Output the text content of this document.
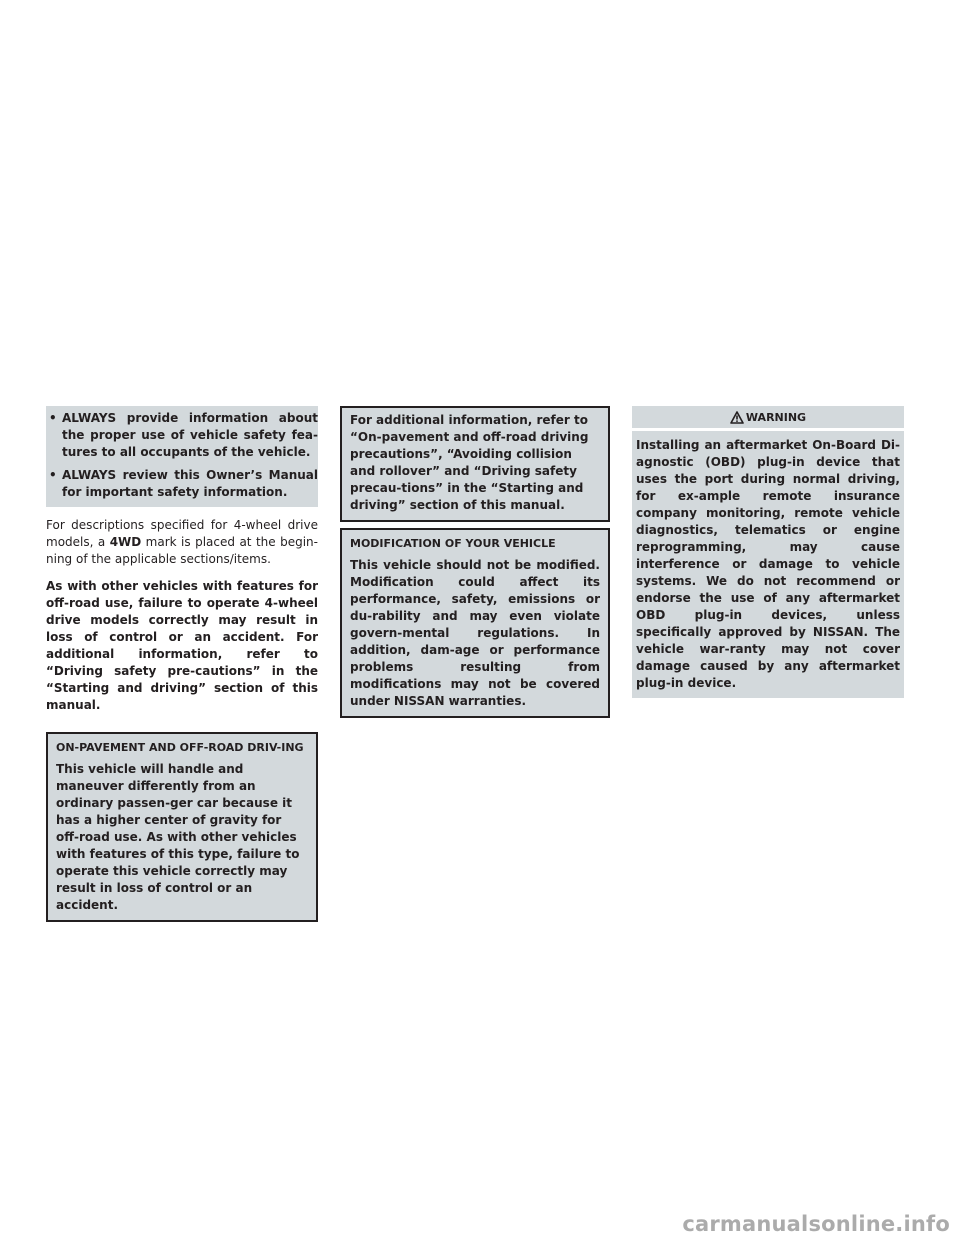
• ALWAYS provide information about the proper use of vehicle safety fea-tures to all occupants of the vehicle.
• ALWAYS review this Owner’s Manual for important safety information.

For descriptions specified for 4-wheel drive models, a 4WD mark is placed at the begin-ning of the applicable sections/items.

As with other vehicles with features for off-road use, failure to operate 4-wheel drive models correctly may result in loss of control or an accident. For additional information, refer to “Driving safety pre-cautions” in the “Starting and driving” section of this manual.

ON-PAVEMENT AND OFF-ROAD DRIV-ING

This vehicle will handle and maneuver differently from an ordinary passen-ger car because it has a higher center of gravity for off-road use. As with other vehicles with features of this type, failure to operate this vehicle correctly may result in loss of control or an accident.

For additional information, refer to “On-pavement and off-road driving precautions”, “Avoiding collision and rollover” and “Driving safety precau-tions” in the “Starting and driving” section of this manual.

MODIFICATION OF YOUR VEHICLE

This vehicle should not be modified. Modification could affect its performance, safety, emissions or du-rability and may even violate govern-mental regulations. In addition, dam-age or performance problems resulting from modifications may not be covered under NISSAN warranties.

WARNING

Installing an aftermarket On-Board Di-agnostic (OBD) plug-in device that uses the port during normal driving, for ex-ample remote insurance company monitoring, remote vehicle diagnostics, telematics or engine reprogramming, may cause interference or damage to vehicle systems. We do not recommend or endorse the use of any aftermarket OBD plug-in devices, unless specifically approved by NISSAN. The vehicle war-ranty may not cover damage caused by any aftermarket plug-in device.

carmanualsonline.info
